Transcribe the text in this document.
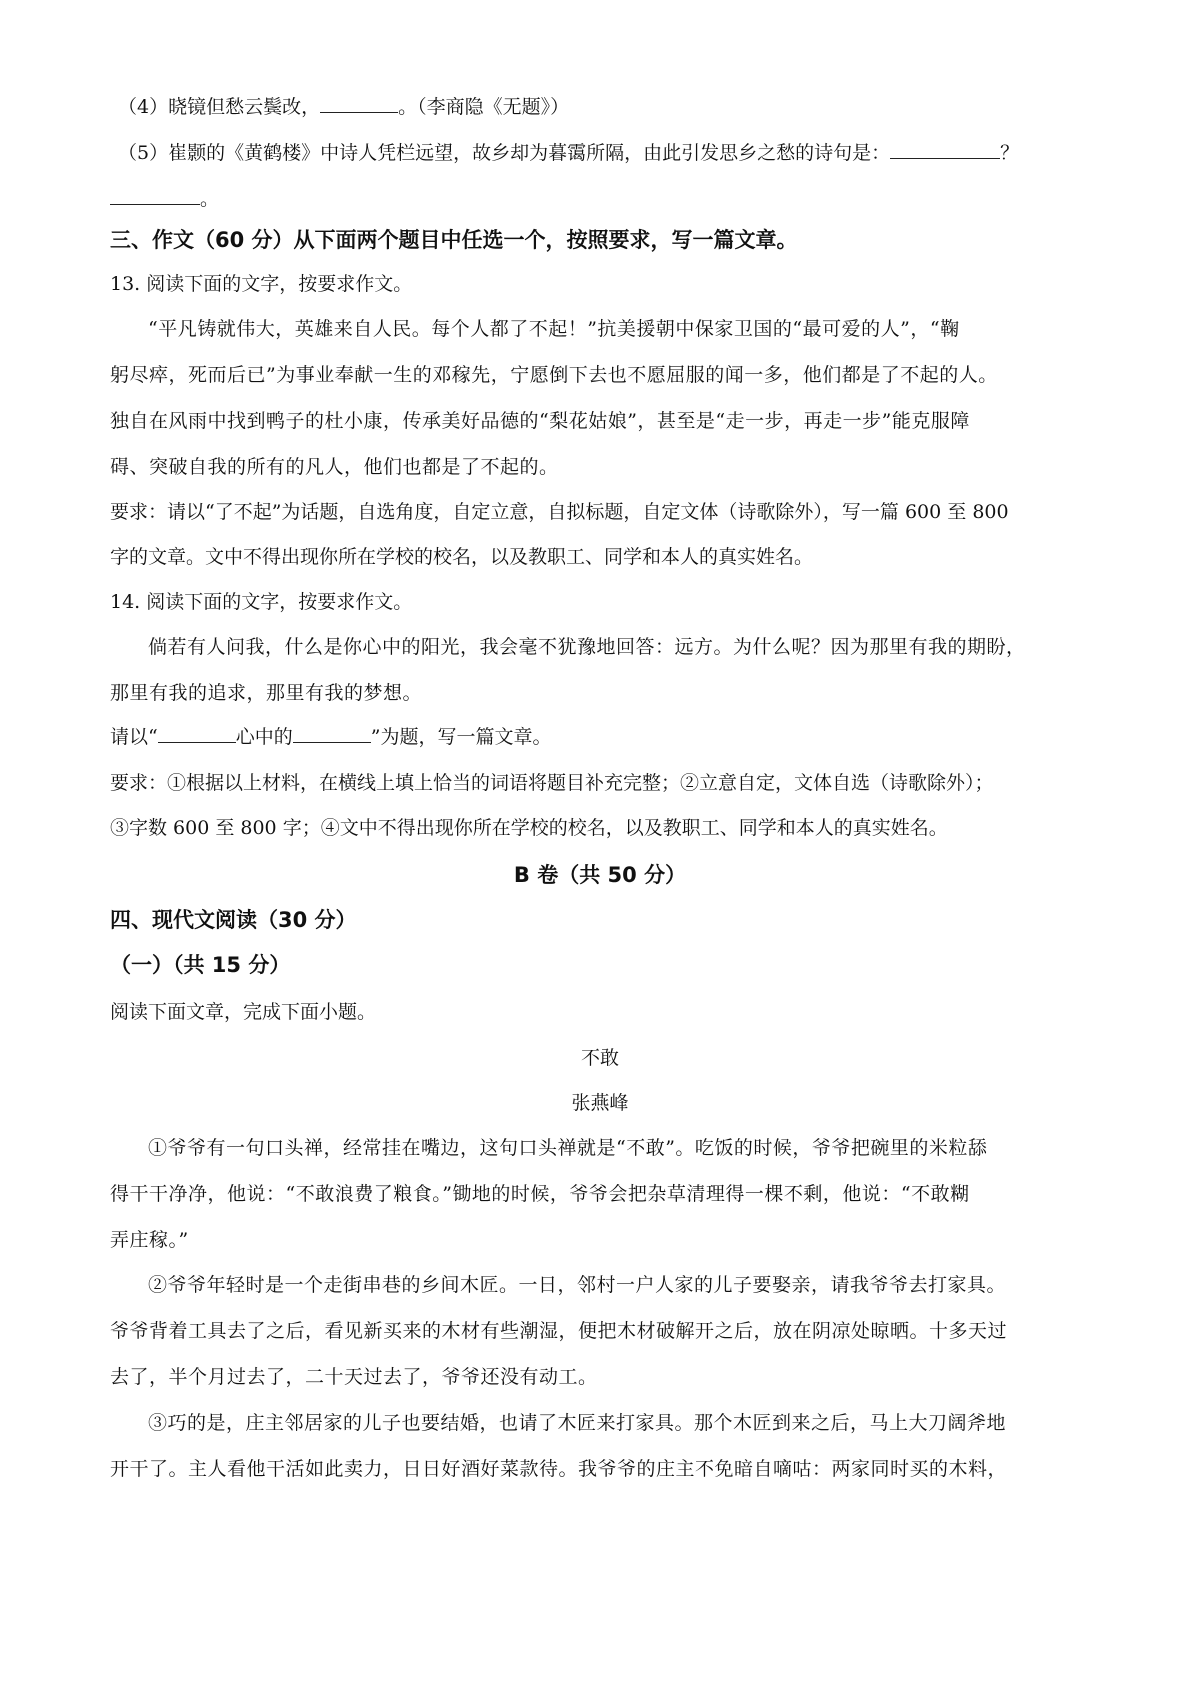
（4）晓镜但愁云鬓改，	。（李商隐《无题》）
（5）崔颢的《黄鹤楼》中诗人凭栏远望，故乡却为暮霭所隔，由此引发思乡之愁的诗句是：	？
。
三、作文（60 分）从下面两个题目中任选一个，按照要求，写一篇文章。
13. 阅读下面的文字，按要求作文。
“平凡铸就伟大，英雄来自人民。每个人都了不起！”抗美援朝中保家卫国的“最可爱的人”，“鞠
躬尽瘁，死而后已”为事业奉献一生的邓稼先，宁愿倒下去也不愿屈服的闻一多，他们都是了不起的人。
独自在风雨中找到鸭子的杜小康，传承美好品德的“梨花姑娘”，甚至是“走一步，再走一步”能克服障
碍、突破自我的所有的凡人，他们也都是了不起的。
要求：请以“了不起”为话题，自选角度，自定立意，自拟标题，自定文体（诗歌除外），写一篇 600 至 800
字的文章。文中不得出现你所在学校的校名，以及教职工、同学和本人的真实姓名。
14. 阅读下面的文字，按要求作文。
倘若有人问我，什么是你心中的阳光，我会毫不犹豫地回答：远方。为什么呢？因为那里有我的期盼，
那里有我的追求，那里有我的梦想。
请以“	心中的	”为题，写一篇文章。
要求：①根据以上材料，在横线上填上恰当的词语将题目补充完整；②立意自定，文体自选（诗歌除外）；
③字数 600 至 800 字；④文中不得出现你所在学校的校名，以及教职工、同学和本人的真实姓名。
B 卷（共 50 分）
四、现代文阅读（30 分）
（一）（共 15 分）
阅读下面文章，完成下面小题。
不敢
张燕峰
①爷爷有一句口头禅，经常挂在嘴边，这句口头禅就是“不敢”。吃饭的时候，爷爷把碗里的米粒舔
得干干净净，他说：“不敢浪费了粮食。”锄地的时候，爷爷会把杂草清理得一棵不剩，他说：“不敢糊
弄庄稼。”
②爷爷年轻时是一个走街串巷的乡间木匠。一日，邻村一户人家的儿子要娶亲，请我爷爷去打家具。
爷爷背着工具去了之后，看见新买来的木材有些潮湿，便把木材破解开之后，放在阴凉处晾晒。十多天过
去了，半个月过去了，二十天过去了，爷爷还没有动工。
③巧的是，庄主邻居家的儿子也要结婚，也请了木匠来打家具。那个木匠到来之后，马上大刀阔斧地
开干了。主人看他干活如此卖力，日日好酒好菜款待。我爷爷的庄主不免暗自嘀咕：两家同时买的木料，
